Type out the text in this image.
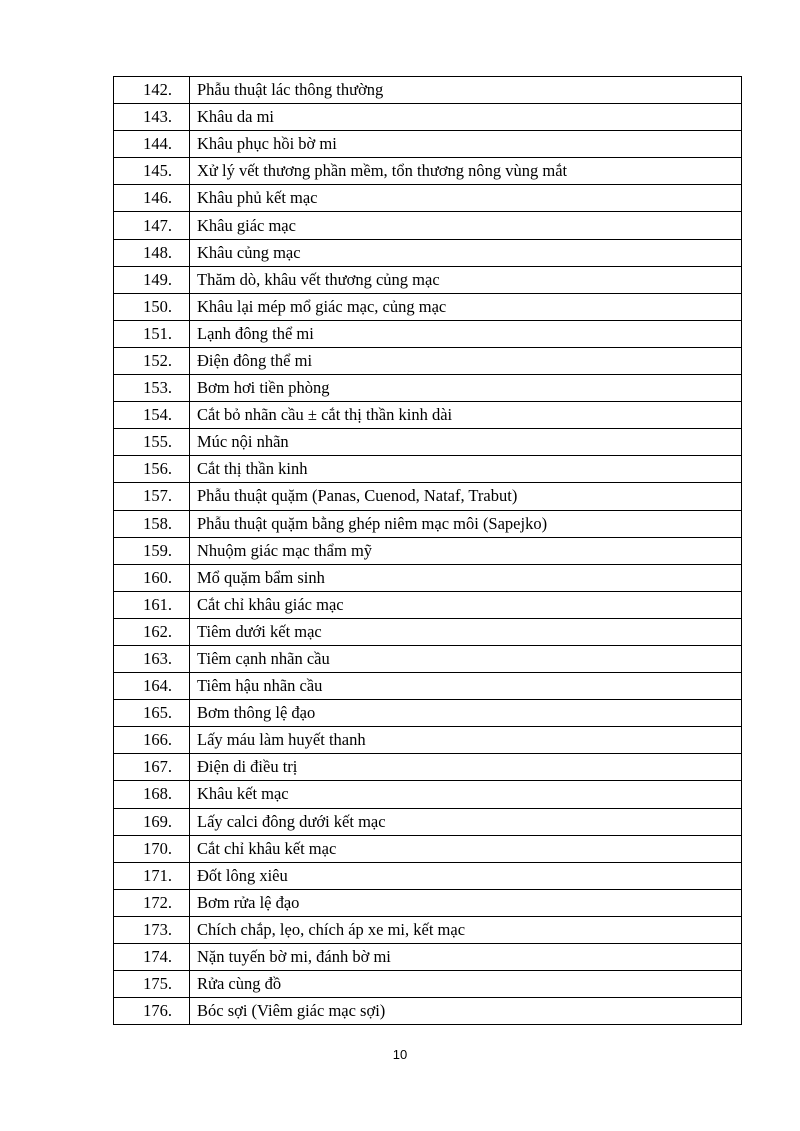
142.	Phẫu thuật lác thông thường
143.	Khâu da mi
144.	Khâu phục hồi bờ mi
145.	Xử lý vết thương phần mềm, tổn thương nông vùng mắt
146.	Khâu phủ kết mạc
147.	Khâu giác mạc
148.	Khâu củng mạc
149.	Thăm dò, khâu vết thương củng mạc
150.	Khâu lại mép mổ giác mạc, củng mạc
151.	Lạnh đông thể mi
152.	Điện đông thể mi
153.	Bơm hơi tiền phòng
154.	Cắt bỏ nhãn cầu ± cắt thị thần kinh dài
155.	Múc nội nhãn
156.	Cắt thị thần kinh
157.	Phẫu thuật quặm (Panas, Cuenod, Nataf, Trabut)
158.	Phẫu thuật quặm bằng ghép niêm mạc môi (Sapejko)
159.	Nhuộm giác mạc thẩm mỹ
160.	Mổ quặm bẩm sinh
161.	Cắt chỉ khâu giác mạc
162.	Tiêm dưới kết mạc
163.	Tiêm cạnh nhãn cầu
164.	Tiêm hậu nhãn cầu
165.	Bơm thông lệ đạo
166.	Lấy máu làm huyết thanh
167.	Điện di điều trị
168.	Khâu kết mạc
169.	Lấy calci đông dưới kết mạc
170.	Cắt chỉ khâu kết mạc
171.	Đốt lông xiêu
172.	Bơm rửa lệ đạo
173.	Chích chắp, lẹo, chích áp xe mi, kết mạc
174.	Nặn tuyến bờ mi, đánh bờ mi
175.	Rửa cùng đồ
176.	Bóc sợi (Viêm giác mạc sợi)
10
